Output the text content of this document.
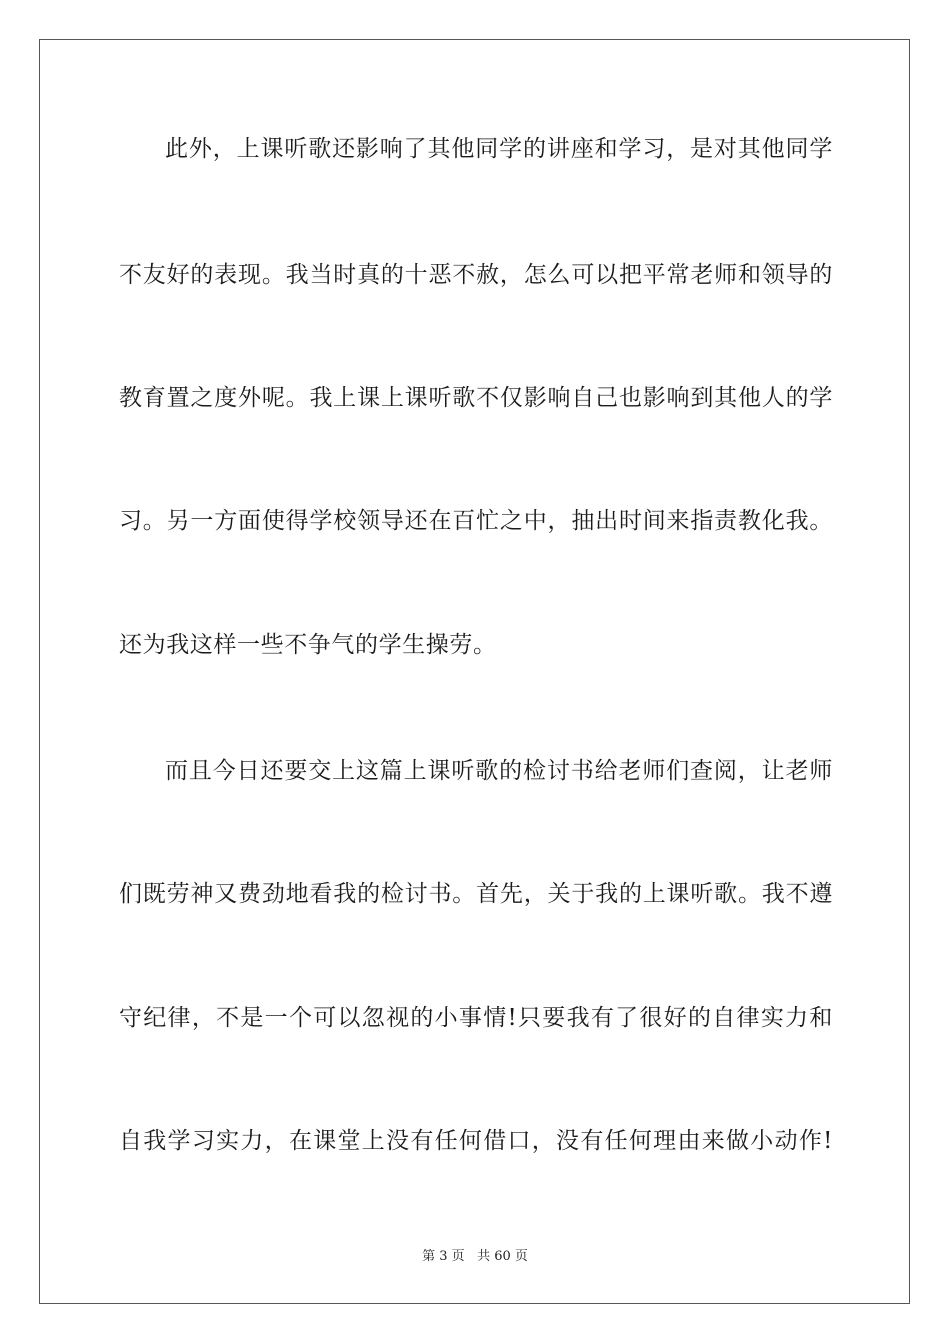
此外，上课听歌还影响了其他同学的讲座和学习，是对其他同学
不友好的表现。我当时真的十恶不赦，怎么可以把平常老师和领导的
教育置之度外呢。我上课上课听歌不仅影响自己也影响到其他人的学
习。另一方面使得学校领导还在百忙之中，抽出时间来指责教化我。
还为我这样一些不争气的学生操劳。
而且今日还要交上这篇上课听歌的检讨书给老师们查阅，让老师
们既劳神又费劲地看我的检讨书。首先，关于我的上课听歌。我不遵
守纪律，不是一个可以忽视的小事情!只要我有了很好的自律实力和
自我学习实力，在课堂上没有任何借口，没有任何理由来做小动作!
第 3 页 共 60 页
